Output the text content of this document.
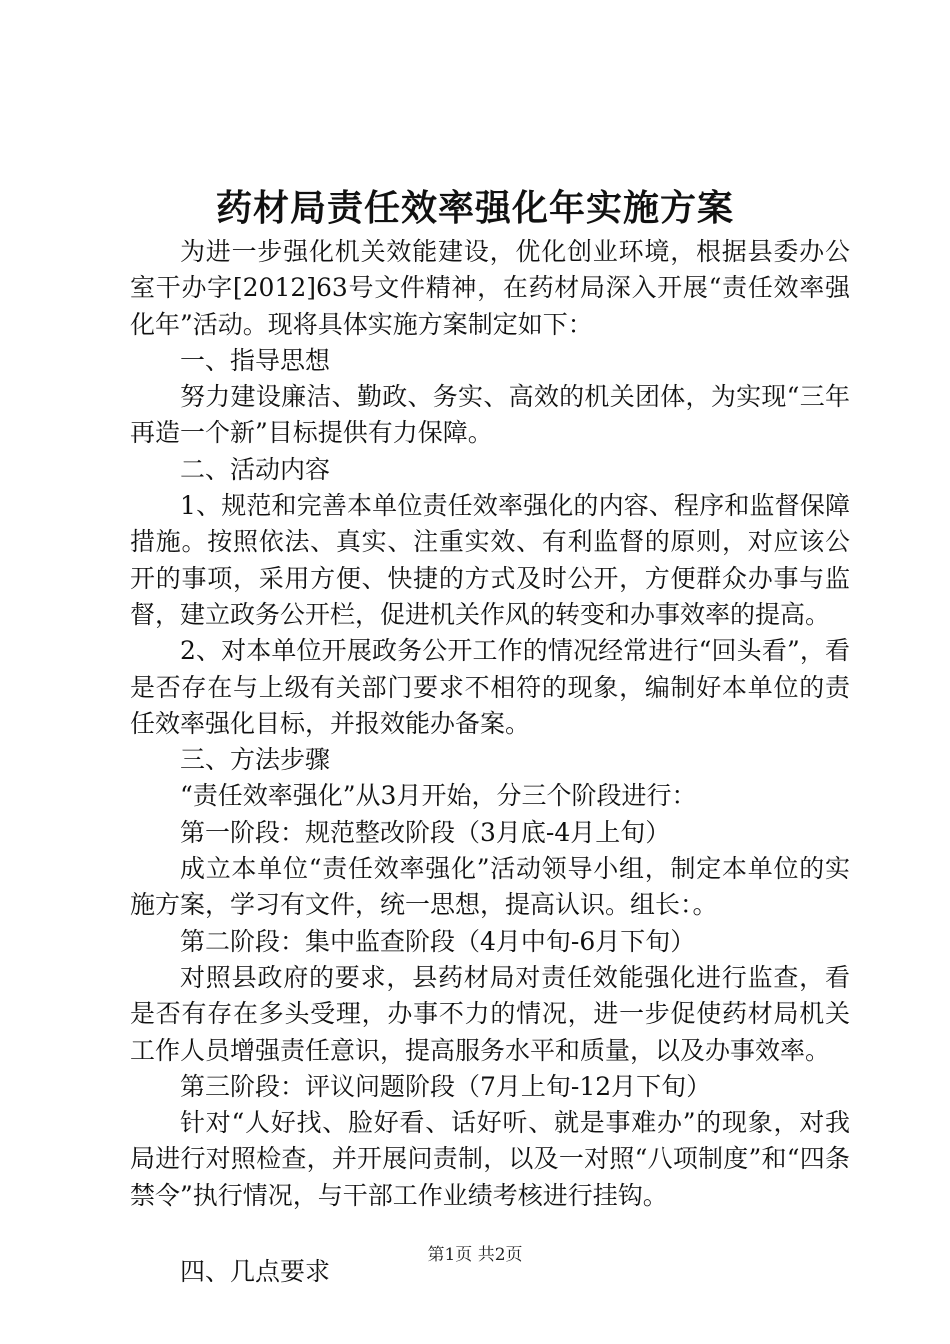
药材局责任效率强化年实施方案

为进一步强化机关效能建设，优化创业环境，根据县委办公室干办字[2012]63号文件精神，在药材局深入开展“责任效率强化年”活动。现将具体实施方案制定如下：

一、指导思想

努力建设廉洁、勤政、务实、高效的机关团体，为实现“三年再造一个新”目标提供有力保障。

二、活动内容

1、规范和完善本单位责任效率强化的内容、程序和监督保障措施。按照依法、真实、注重实效、有利监督的原则，对应该公开的事项，采用方便、快捷的方式及时公开，方便群众办事与监督，建立政务公开栏，促进机关作风的转变和办事效率的提高。

2、对本单位开展政务公开工作的情况经常进行“回头看”，看是否存在与上级有关部门要求不相符的现象，编制好本单位的责任效率强化目标，并报效能办备案。

三、方法步骤

“责任效率强化”从3月开始，分三个阶段进行：

第一阶段：规范整改阶段（3月底-4月上旬）

成立本单位“责任效率强化”活动领导小组，制定本单位的实施方案，学习有文件，统一思想，提高认识。组长：。

第二阶段：集中监查阶段（4月中旬-6月下旬）

对照县政府的要求，县药材局对责任效能强化进行监查，看是否有存在多头受理，办事不力的情况，进一步促使药材局机关工作人员增强责任意识，提高服务水平和质量，以及办事效率。

第三阶段：评议问题阶段（7月上旬-12月下旬）

针对“人好找、脸好看、话好听、就是事难办”的现象，对我局进行对照检查，并开展问责制，以及一对照“八项制度”和“四条禁令”执行情况，与干部工作业绩考核进行挂钩。

四、几点要求

第1页 共2页
